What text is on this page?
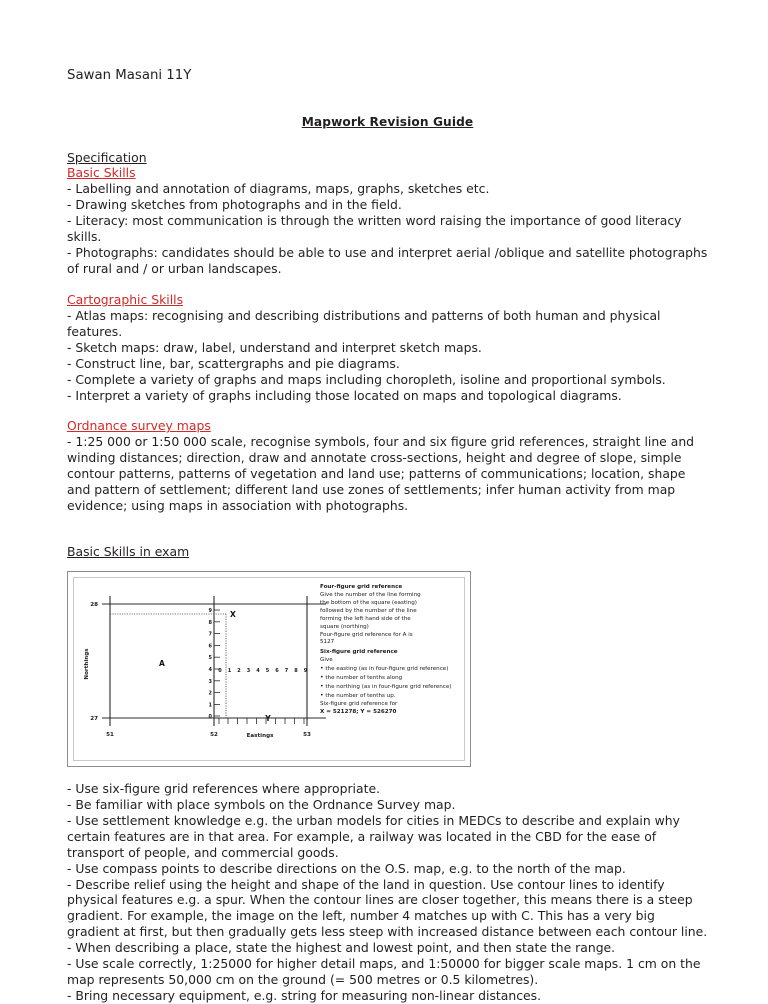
Sawan Masani 11Y
Mapwork Revision Guide
Specification
Basic Skills
- Labelling and annotation of diagrams, maps, graphs, sketches etc.
- Drawing sketches from photographs and in the field.
- Literacy: most communication is through the written word raising the importance of good literacy skills.
- Photographs: candidates should be able to use and interpret aerial /oblique and satellite photographs of rural and / or urban landscapes.
Cartographic Skills
- Atlas maps: recognising and describing distributions and patterns of both human and physical features.
- Sketch maps: draw, label, understand and interpret sketch maps.
- Construct line, bar, scattergraphs and pie diagrams.
- Complete a variety of graphs and maps including choropleth, isoline and proportional symbols.
- Interpret a variety of graphs including those located on maps and topological diagrams.
Ordnance survey maps

- 1:25 000 or 1:50 000 scale, recognise symbols, four and six figure grid references, straight line and winding distances; direction, draw and annotate cross-sections, height and degree of slope, simple contour patterns, patterns of vegetation and land use; patterns of communications; location, shape and pattern of settlement; different land use zones of settlements; infer human activity from map evidence; using maps in association with photographs.

Basic Skills in exam
9
8
7
6
5
4
3
2
1
0
0 1 2 3 4 5 6 7 8 9
X
A
Y
28
27
51	52	53
Eastings
Northings
Four-figure grid reference
Give the number of the line forming
the bottom of the square (easting)
followed by the number of the line
forming the left hand side of the
square (northing)
Four-figure grid reference for A is
5127
Six-figure grid reference
Give
• the easting (as in four-figure grid reference)
• the number of tenths along
• the northing (as in four-figure grid reference)
• the number of tenths up.
Six-figure grid reference for
X = 521278; Y = 526270
- Use six-figure grid references where appropriate.
- Be familiar with place symbols on the Ordnance Survey map.
- Use settlement knowledge e.g. the urban models for cities in MEDCs to describe and explain why certain features are in that area. For example, a railway was located in the CBD for the ease of transport of people, and commercial goods.
- Use compass points to describe directions on the O.S. map, e.g. to the north of the map.
- Describe relief using the height and shape of the land in question. Use contour lines to identify physical features e.g. a spur. When the contour lines are closer together, this means there is a steep gradient. For example, the image on the left, number 4 matches up with C. This has a very big gradient at first, but then gradually gets less steep with increased distance between each contour line.
- When describing a place, state the highest and lowest point, and then state the range.
- Use scale correctly, 1:25000 for higher detail maps, and 1:50000 for bigger scale maps. 1 cm on the map represents 50,000 cm on the ground (= 500 metres or 0.5 kilometres).
- Bring necessary equipment, e.g. string for measuring non-linear distances.
